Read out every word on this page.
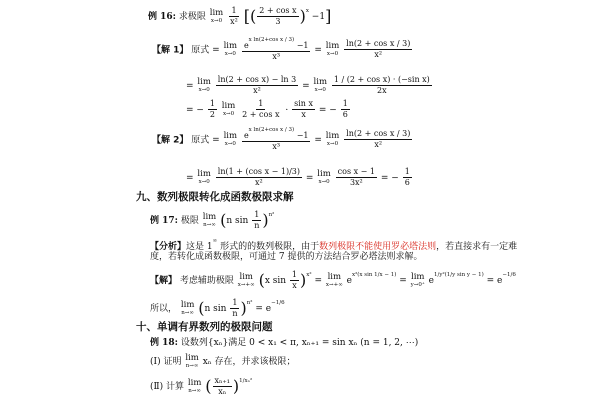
例 16: 求极限 lim
x→0
$\frac{1}{\text{x²}}$ [( $\frac{\text{2 + cos x}}{3} )^x -1$]
【解 1】 原式 = lim
x→0
$\frac{e^{x ln(2+cos x / 3)} -1}{\text{x³}} = \lim$
x→0
$\frac{\text{ln(2 + cos x / 3)}}{\text{x²}}$
= lim
x→0
$\frac{\text{ln(2 + cos x) − ln 3}}{\text{x²}} = \lim$
x→0
$\frac{\text{1 / (2 + cos x) · (−sin x)}}{2x}$
= − $\frac{1}{2}$
lim
x→0
$\frac{1}{\text{2 + cos x}} \cdot \frac{\text{sin x}}{x}$ = − $\frac{1}{6}$
【解 2】 原式 = lim
x→0
$\frac{e^{x ln(2+cos x / 3)} -1}{\text{x³}} = \lim$
x→0
$\frac{\text{ln(2 + cos x / 3)}}{\text{x²}}$
= lim
x→0
$\frac{\text{ln(1 + (cos x − 1)/3)}}{\text{x²}} = \lim$
x→0
$\frac{\text{cos x − 1}}{\text{3x²}}$ = − $\frac{1}{6}$
九、数列极限转化成函数极限求解
例 17: 极限 lim
n→∞ (n $\sin \frac{1}{n} )^{n^2}$
【分析】这是 1∞ 形式的的数列极限，由于数列极限不能使用罗必塔法则，若直接求有一定难
度，若转化成函数极限，可通过 7 提供的方法结合罗必塔法则求解。
【解】 考虑辅助极限 lim
x→+∞ (x $\sin \frac{1}{x} )^{x^2} = \lim$
x→+∞ $e^{x^2(x sin 1/x - 1)} = \lim$
y→0⁺ $e^{1/y^2(1/y sin y - 1)} = e^{-1/6}$
所以， lim
n→∞ (n $\sin \frac{1}{n} )^{n^2} = e^{-1/6}$
十、单调有界数列的极限问题
例 18: 设数列{xₙ}满足 0 < x₁ < π, xₙ₊₁ = sin xₙ (n = 1, 2, ⋯)
(Ⅰ) 证明 lim
n→∞ xₙ 存在，并求该极限；
(Ⅱ) 计算 lim
n→∞ ( $\frac{\text{xₙ₊₁}}{\text{xₙ}} )^{1/x_n^2}$
